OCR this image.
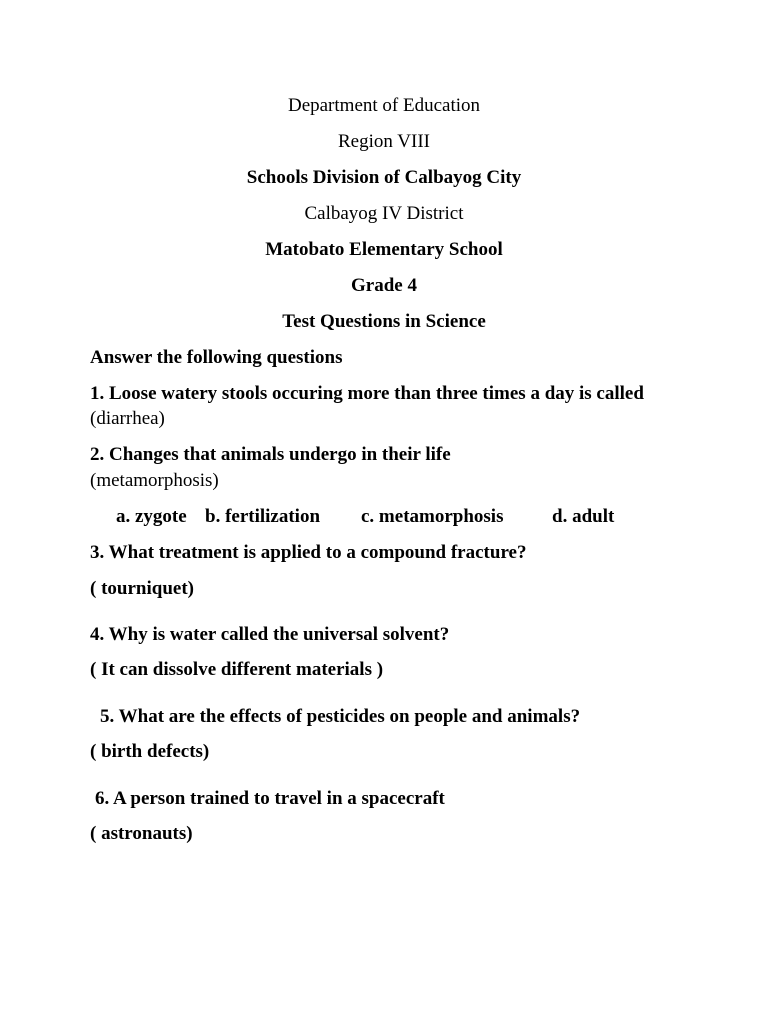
Department of Education
Region VIII
Schools Division of Calbayog City
Calbayog IV District
Matobato Elementary School
Grade 4
Test Questions in Science
Answer the following questions
1. Loose watery stools occuring more than three times a day is called
(diarrhea)
2. Changes that animals undergo in their life
(metamorphosis)
a. zygote b. fertilization c. metamorphosis	d. adult
3. What treatment is applied to a compound fracture?
( tourniquet)
4. Why is water called the universal solvent?
( It can dissolve different materials )
5. What are the effects of pesticides on people and animals?
( birth defects)
6. A person trained to travel in a spacecraft
( astronauts)
